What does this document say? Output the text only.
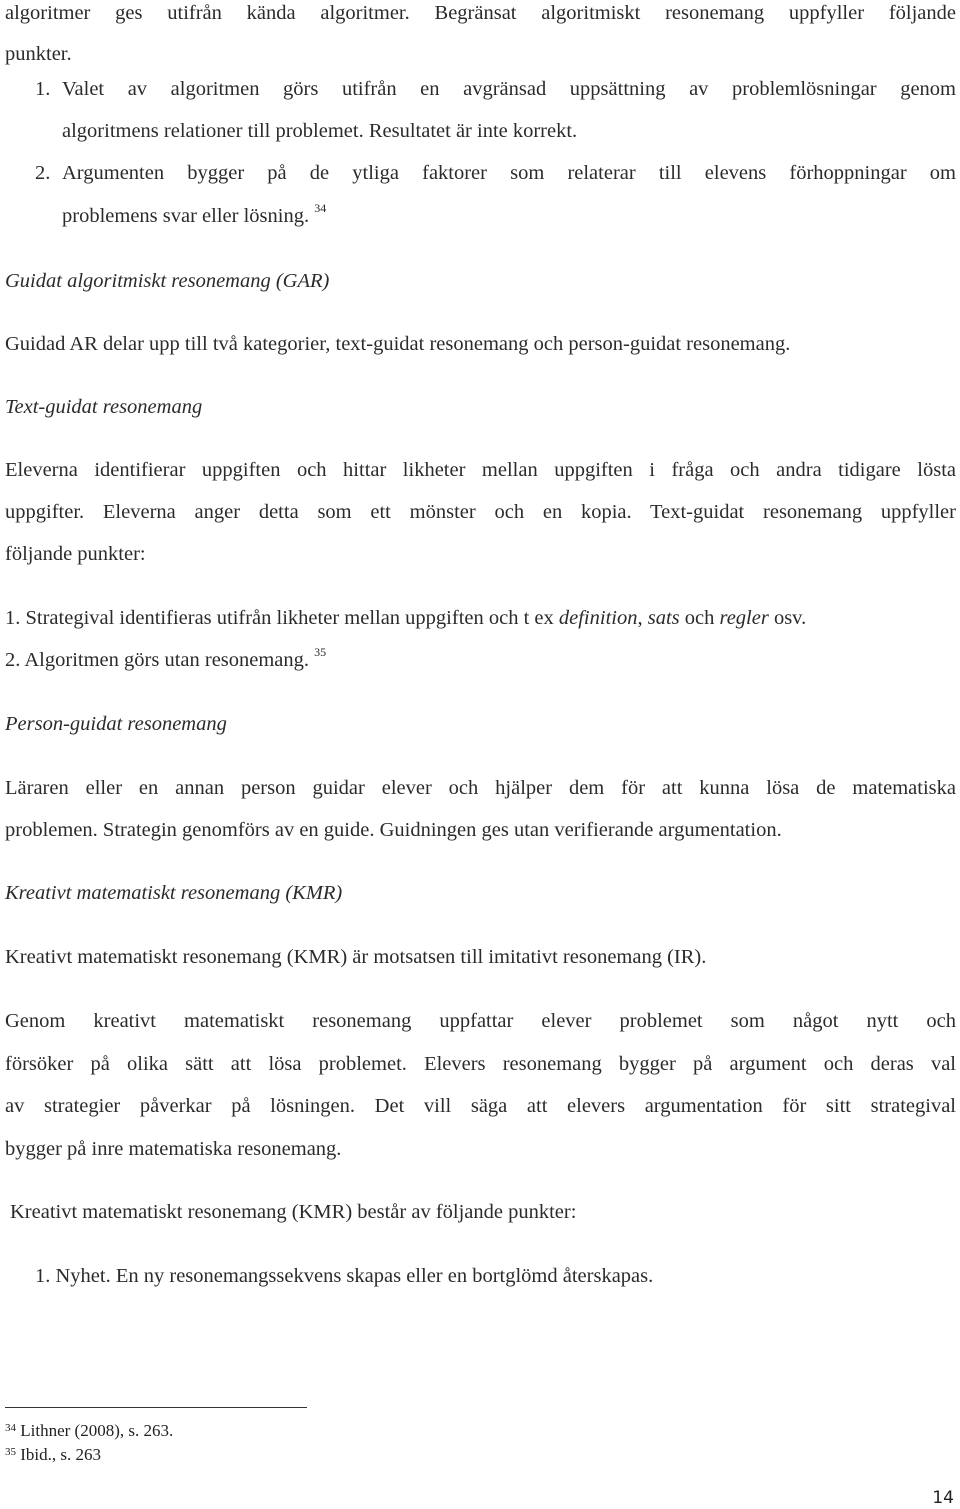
algoritmer ges utifrån kända algoritmer. Begränsat algoritmiskt resonemang uppfyller följande
punkter.
1. Valet av algoritmen görs utifrån en avgränsad uppsättning av problemlösningar genom
algoritmens relationer till problemet. Resultatet är inte korrekt.
2. Argumenten bygger på de ytliga faktorer som relaterar till elevens förhoppningar om
problemens svar eller lösning. $^{34}$
Guidat algoritmiskt resonemang (GAR)
Guidad AR delar upp till två kategorier, text-guidat resonemang och person-guidat resonemang.
Text-guidat resonemang
Eleverna identifierar uppgiften och hittar likheter mellan uppgiften i fråga och andra tidigare lösta
uppgifter. Eleverna anger detta som ett mönster och en kopia. Text-guidat resonemang uppfyller
följande punkter:
1. Strategival identifieras utifrån likheter mellan uppgiften och t ex definition, sats och regler osv.
2. Algoritmen görs utan resonemang. $^{35}$
Person-guidat resonemang
Läraren eller en annan person guidar elever och hjälper dem för att kunna lösa de matematiska
problemen. Strategin genomförs av en guide. Guidningen ges utan verifierande argumentation.
Kreativt matematiskt resonemang (KMR)
Kreativt matematiskt resonemang (KMR) är motsatsen till imitativt resonemang (IR).
Genom kreativt matematiskt resonemang uppfattar elever problemet som något nytt och
försöker på olika sätt att lösa problemet. Elevers resonemang bygger på argument och deras val
av strategier påverkar på lösningen. Det vill säga att elevers argumentation för sitt strategival
bygger på inre matematiska resonemang.
Kreativt matematiskt resonemang (KMR) består av följande punkter:
1. Nyhet. En ny resonemangssekvens skapas eller en bortglömd återskapas.
$^{34}$ Lithner (2008), s. 263.
$^{35}$ Ibid., s. 263
14
